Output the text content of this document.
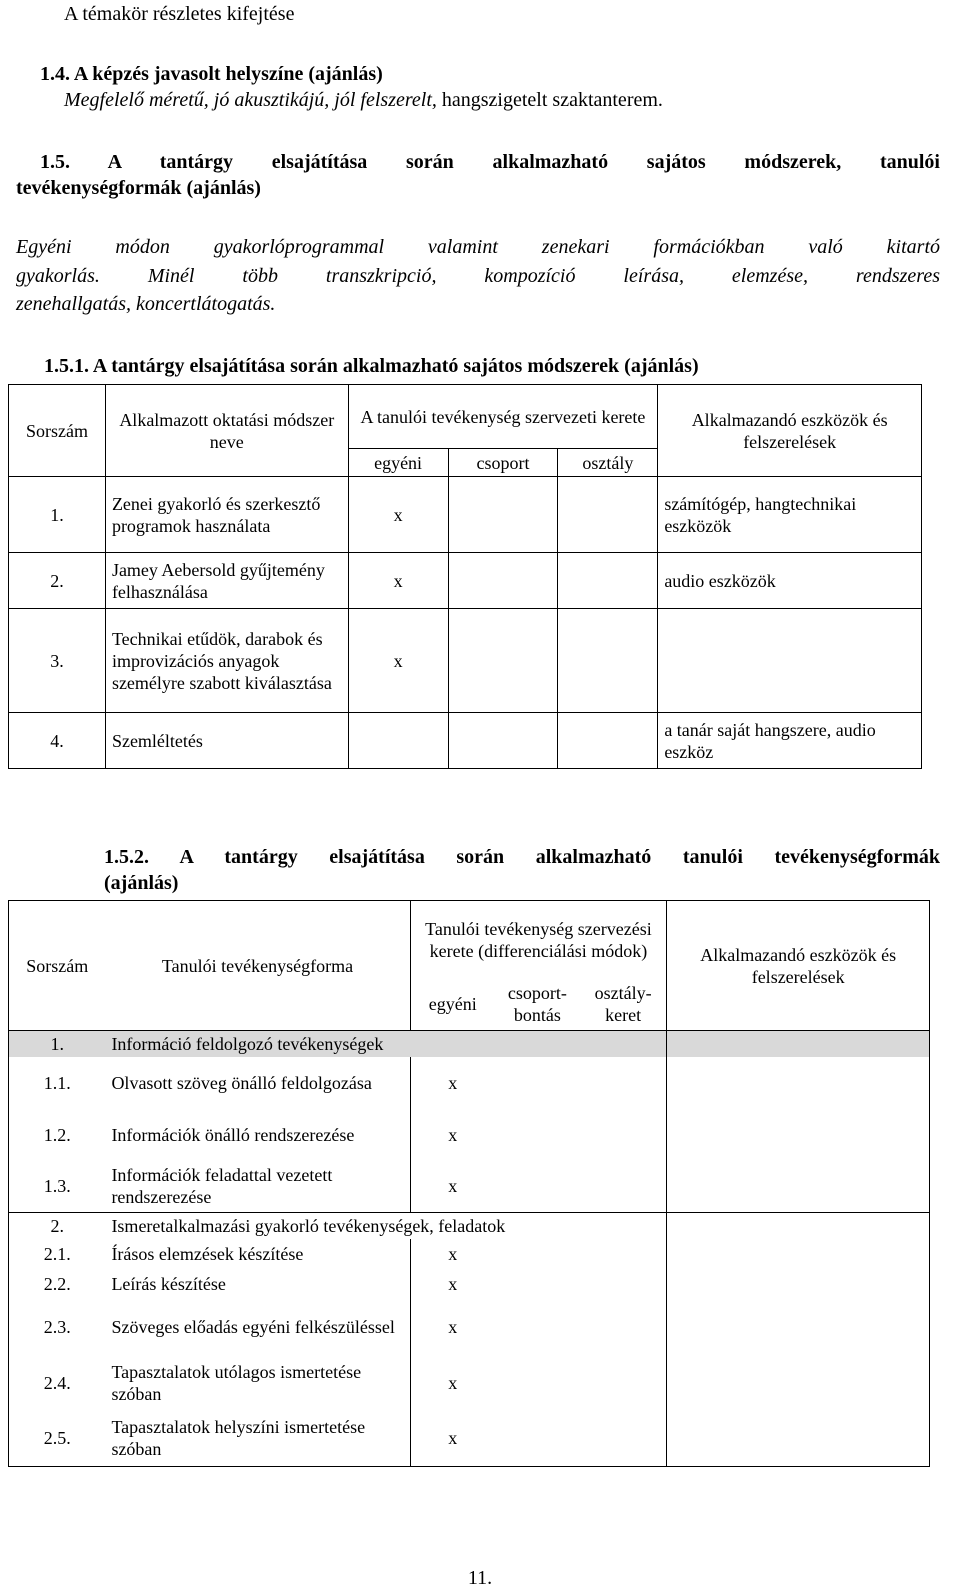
A témakör részletes kifejtése
1.4. A képzés javasolt helyszíne (ajánlás)
Megfelelő méretű, jó akusztikájú, jól felszerelt, hangszigetelt szaktanterem.
1.5. A tantárgy elsajátítása során alkalmazható sajátos módszerek, tanulói
tevékenységformák (ajánlás)
Egyéni módon gyakorlóprogrammal valamint zenekari formációkban való kitartó
gyakorlás. Minél több transzkripció, kompozíció leírása, elemzése, rendszeres
zenehallgatás, koncertlátogatás.
1.5.1. A tantárgy elsajátítása során alkalmazható sajátos módszerek (ajánlás)
Sorszám	Alkalmazott oktatási módszer neve	A tanulói tevékenység szervezeti kerete			Alkalmazandó eszközök és felszerelések
		egyéni	csoport	osztály	
1.	Zenei gyakorló és szerkesztő programok használata	x			számítógép, hangtechnikai eszközök
2.	Jamey Aebersold gyűjtemény felhasználása	x			audio eszközök
3.	Technikai etűdök, darabok és improvizációs anyagok személyre szabott kiválasztása	x			
4.	Szemléltetés				a tanár saját hangszere, audio eszköz
1.5.2. A tantárgy elsajátítása során alkalmazható tanulói tevékenységformák
(ajánlás)
Sorszám	Tanulói tevékenységforma	Tanulói tevékenység szervezési kerete (differenciálási módok)			Alkalmazandó eszközök és felszerelések
		egyéni	csoport-bontás	osztály-keret	
1.	Információ feldolgozó tevékenységek				
1.1.	Olvasott szöveg önálló feldolgozása	x			
1.2.	Információk önálló rendszerezése	x			
1.3.	Információk feladattal vezetett rendszerezése	x			
2.	Ismeretalkalmazási gyakorló tevékenységek, feladatok				
2.1.	Írásos elemzések készítése	x			
2.2.	Leírás készítése	x			
2.3.	Szöveges előadás egyéni felkészüléssel	x			
2.4.	Tapasztalatok utólagos ismertetése szóban	x			
2.5.	Tapasztalatok helyszíni ismertetése szóban	x			
11.
